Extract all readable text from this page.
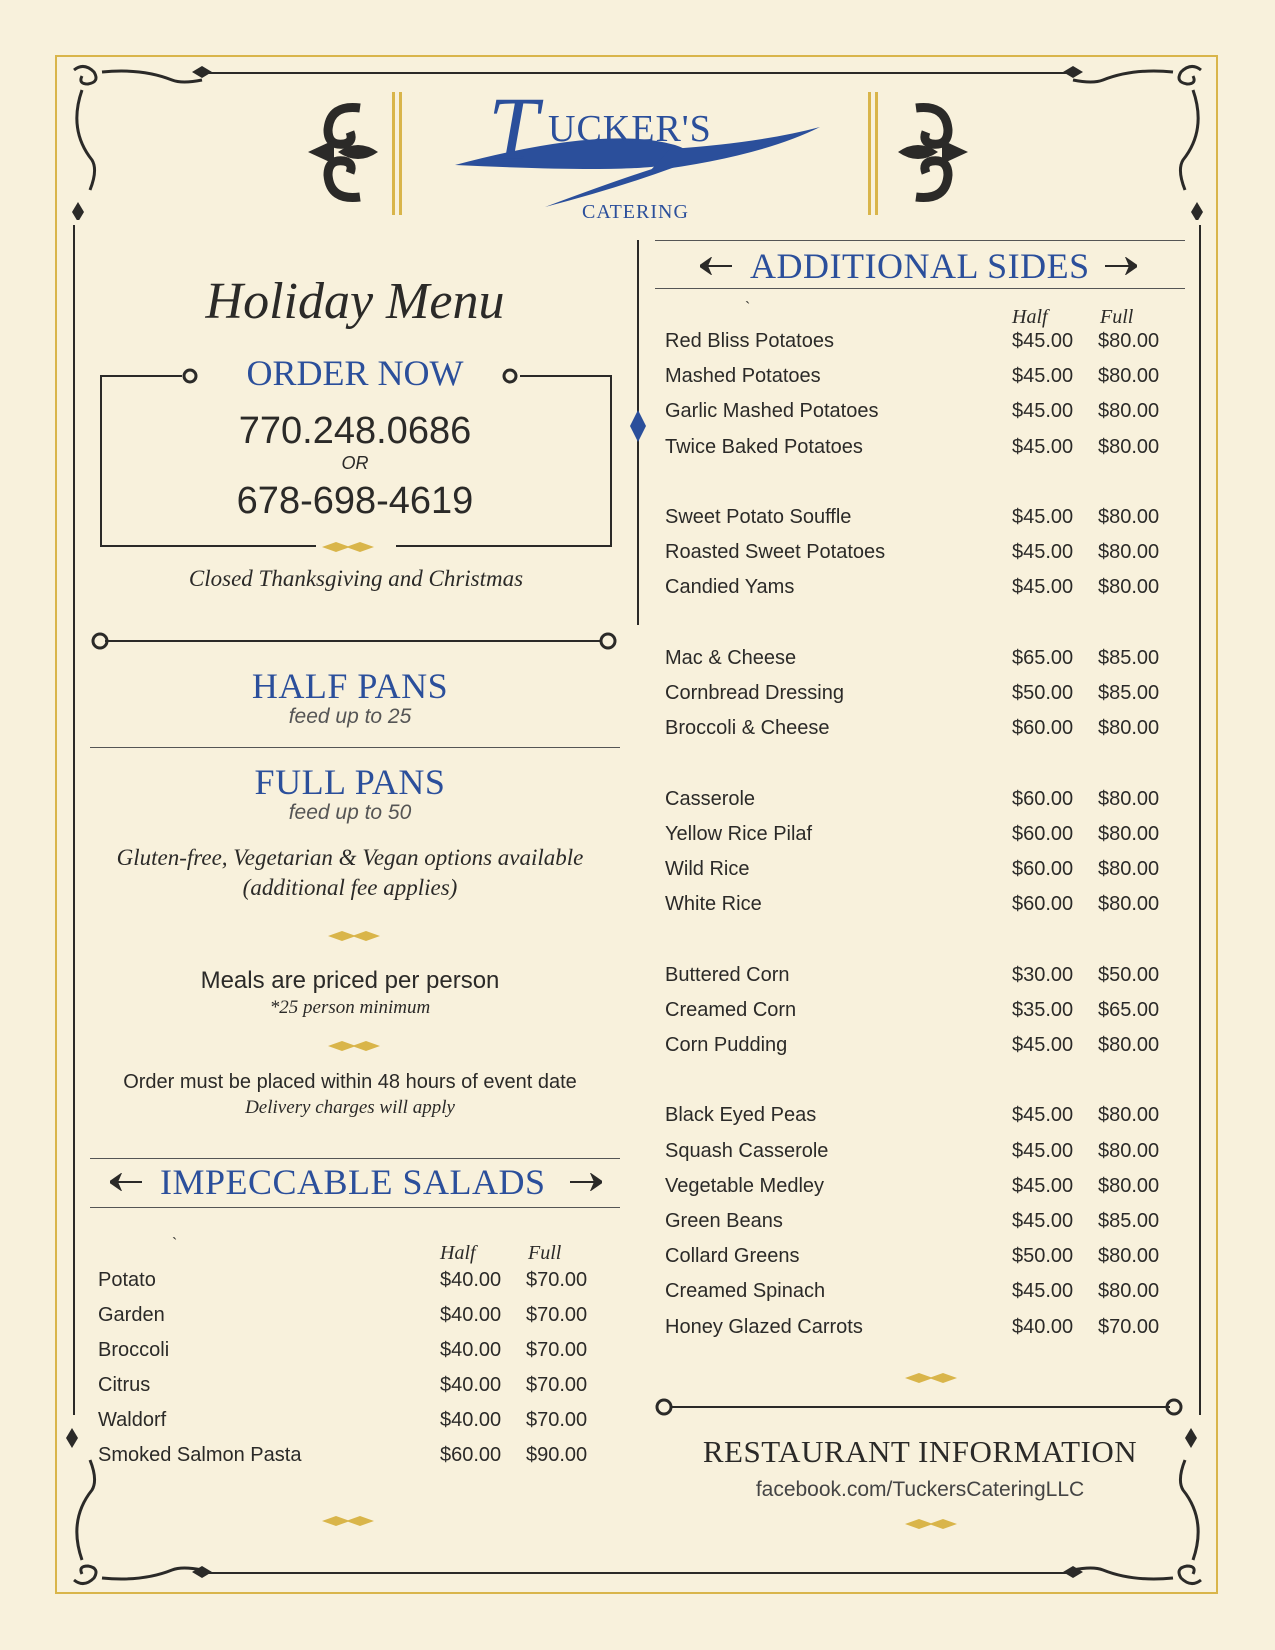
T UCKER'S
CATERING
Holiday Menu
ORDER NOW
770.248.0686
OR
678-698-4619
Closed Thanksgiving and Christmas
HALF PANS
feed up to 25
FULL PANS
feed up to 50
Gluten-free, Vegetarian & Vegan options available
(additional fee applies)
Meals are priced per person
*25 person minimum
Order must be placed within 48 hours of event date
Delivery charges will apply
IMPECCABLE SALADS
`	Half	Full
Potato	$40.00 $70.00
Garden	$40.00 $70.00
Broccoli	$40.00 $70.00
Citrus	$40.00 $70.00
Waldorf	$40.00 $70.00
Smoked Salmon Pasta	$60.00 $90.00
ADDITIONAL SIDES
`	Half	Full
Red Bliss Potatoes	$45.00 $80.00
Mashed Potatoes	$45.00 $80.00
Garlic Mashed Potatoes	$45.00 $80.00
Twice Baked Potatoes	$45.00 $80.00
Sweet Potato Souffle	$45.00 $80.00
Roasted Sweet Potatoes	$45.00 $80.00
Candied Yams	$45.00 $80.00
Mac & Cheese	$65.00 $85.00
Cornbread Dressing	$50.00 $85.00
Broccoli & Cheese	$60.00 $80.00
Casserole	$60.00 $80.00
Yellow Rice Pilaf	$60.00 $80.00
Wild Rice	$60.00 $80.00
White Rice	$60.00 $80.00
Buttered Corn	$30.00 $50.00
Creamed Corn	$35.00 $65.00
Corn Pudding	$45.00 $80.00
Black Eyed Peas	$45.00 $80.00
Squash Casserole	$45.00 $80.00
Vegetable Medley	$45.00 $80.00
Green Beans	$45.00 $85.00
Collard Greens	$50.00 $80.00
Creamed Spinach	$45.00 $80.00
Honey Glazed Carrots	$40.00 $70.00
RESTAURANT INFORMATION
facebook.com/TuckersCateringLLC
